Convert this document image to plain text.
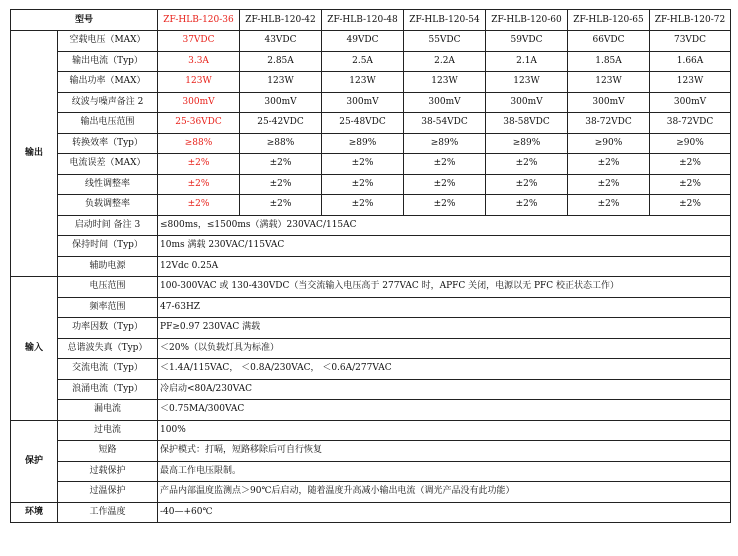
型号		ZF-HLB-120-36	ZF-HLB-120-42	ZF-HLB-120-48	ZF-HLB-120-54	ZF-HLB-120-60	ZF-HLB-120-65	ZF-HLB-120-72
输出	空载电压（MAX）	37VDC	43VDC	49VDC	55VDC	59VDC	66VDC	73VDC
	输出电流（Typ）	3.3A	2.85A	2.5A	2.2A	2.1A	1.85A	1.66A
	输出功率（MAX）	123W	123W	123W	123W	123W	123W	123W
	纹波与噪声备注 2	300mV	300mV	300mV	300mV	300mV	300mV	300mV
	输出电压范围	25-36VDC	25-42VDC	25-48VDC	38-54VDC	38-58VDC	38-72VDC	38-72VDC
	转换效率（Typ）	≥88%	≥88%	≥89%	≥89%	≥89%	≥90%	≥90%
	电流误差（MAX）	±2%	±2%	±2%	±2%	±2%	±2%	±2%
	线性调整率	±2%	±2%	±2%	±2%	±2%	±2%	±2%
	负载调整率	±2%	±2%	±2%	±2%	±2%	±2%	±2%
	启动时间 备注 3	≤800ms，≤1500ms（满载）230VAC/115AC						
	保持时间（Typ）	10ms 满载 230VAC/115VAC						
	辅助电源	12Vdc 0.25A						
输入	电压范围	100-300VAC 或 130-430VDC（当交流输入电压高于 277VAC 时，APFC 关闭，电源以无 PFC 校正状态工作）						
	频率范围	47-63HZ						
	功率因数（Typ）	PF≥0.97 230VAC 满载						
	总谐波失真（Typ）	＜20%（以负载灯具为标准）						
	交流电流（Typ）	＜1.4A/115VAC， ＜0.8A/230VAC， ＜0.6A/277VAC						
	浪涌电流（Typ）	冷启动<80A/230VAC						
	漏电流	＜0.75MA/300VAC						
保护	过电流	100%						
	短路	保护模式：打嗝，短路移除后可自行恢复						
	过载保护	最高工作电压限制。						
	过温保护	产品内部温度监测点＞90℃后启动，随着温度升高减小输出电流（调光产品没有此功能）						
环境	工作温度	-40—+60℃						
